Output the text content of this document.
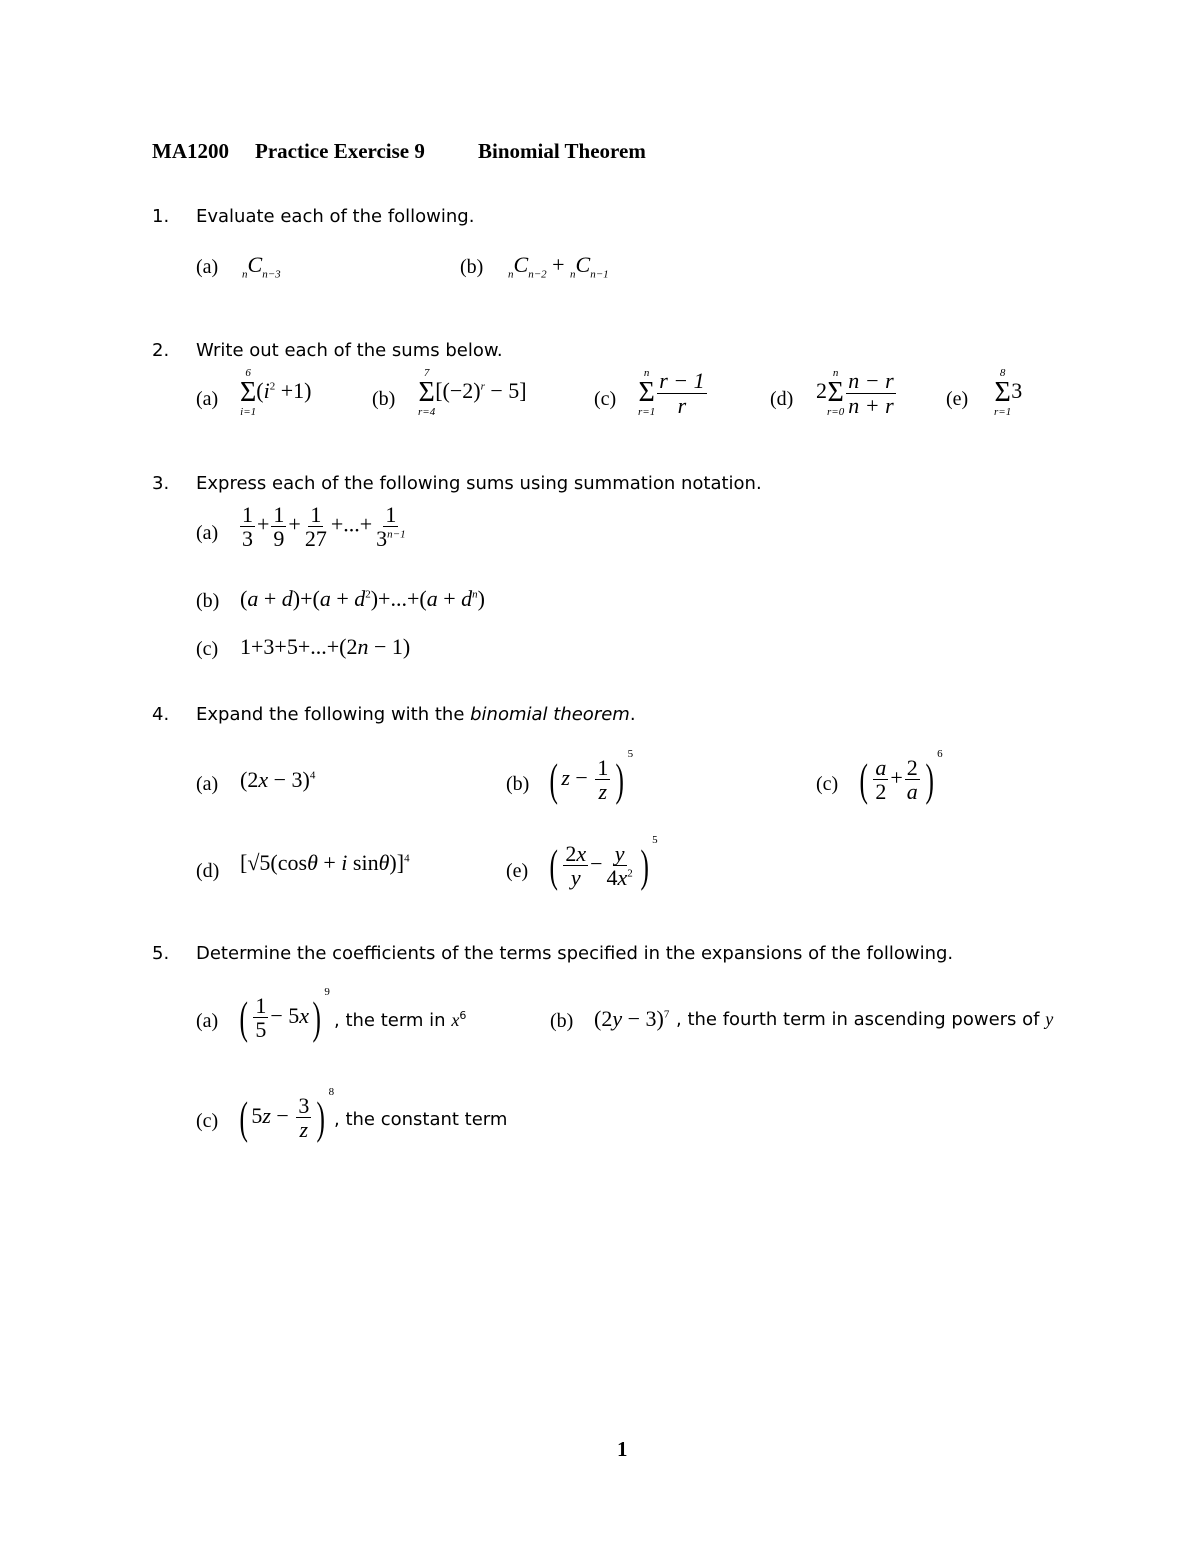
MA1200 Practice Exercise 9	Binomial Theorem
1. Evaluate each of the following.
(a) $_nC_{n-3}$	(b) $_nC_{n-2} + _nC_{n-1}$
2. Write out each of the sums below.
(a)
6
Σ
i=1
$(i^2 +1)$	(b)
7
Σ
r=4
$[(-2)^r - 5]$	(c)
n
Σ
$r=1 \frac{r - 1}{r}$	(d) 2
n
Σ
$r=0 \frac{n - r}{n + r}$	(e)
8
Σ
r=1
3
3. Express each of the following sums using summation notation.
$(a) \frac{1}{3} + \frac{1}{9} + \frac{1}{27}$ +...+ $\frac{1}{3^{n-1}}$
(b) $(a + d)+(a + d^2)+...+(a + d^n)$
(c) 1+3+5+...+(2n − 1)
4. Expand the following with the binomial theorem.
(a) $(2x - 3)^4$	(b) ( $z - \frac{1}{z}$ ) $^5$
(c) ( $\frac{a}{2} + \frac{2}{a}$ ) $^6$
(d) [√5(cosθ + i sinθ)]$^4$
(e) ( $\frac{2x}{y} - \frac{y}{4x^2}$ ) $^5$
5. Determine the coefficients of the terms specified in the expansions of the following.
(a) ( $\frac{1}{5} - 5x$) $^9$
, the term in $x^6$	(b) $(2y - 3)^7$ , the fourth term in ascending powers of y
(c) ( $5z - \frac{3}{z}$ ) $^8$
, the constant term
1
